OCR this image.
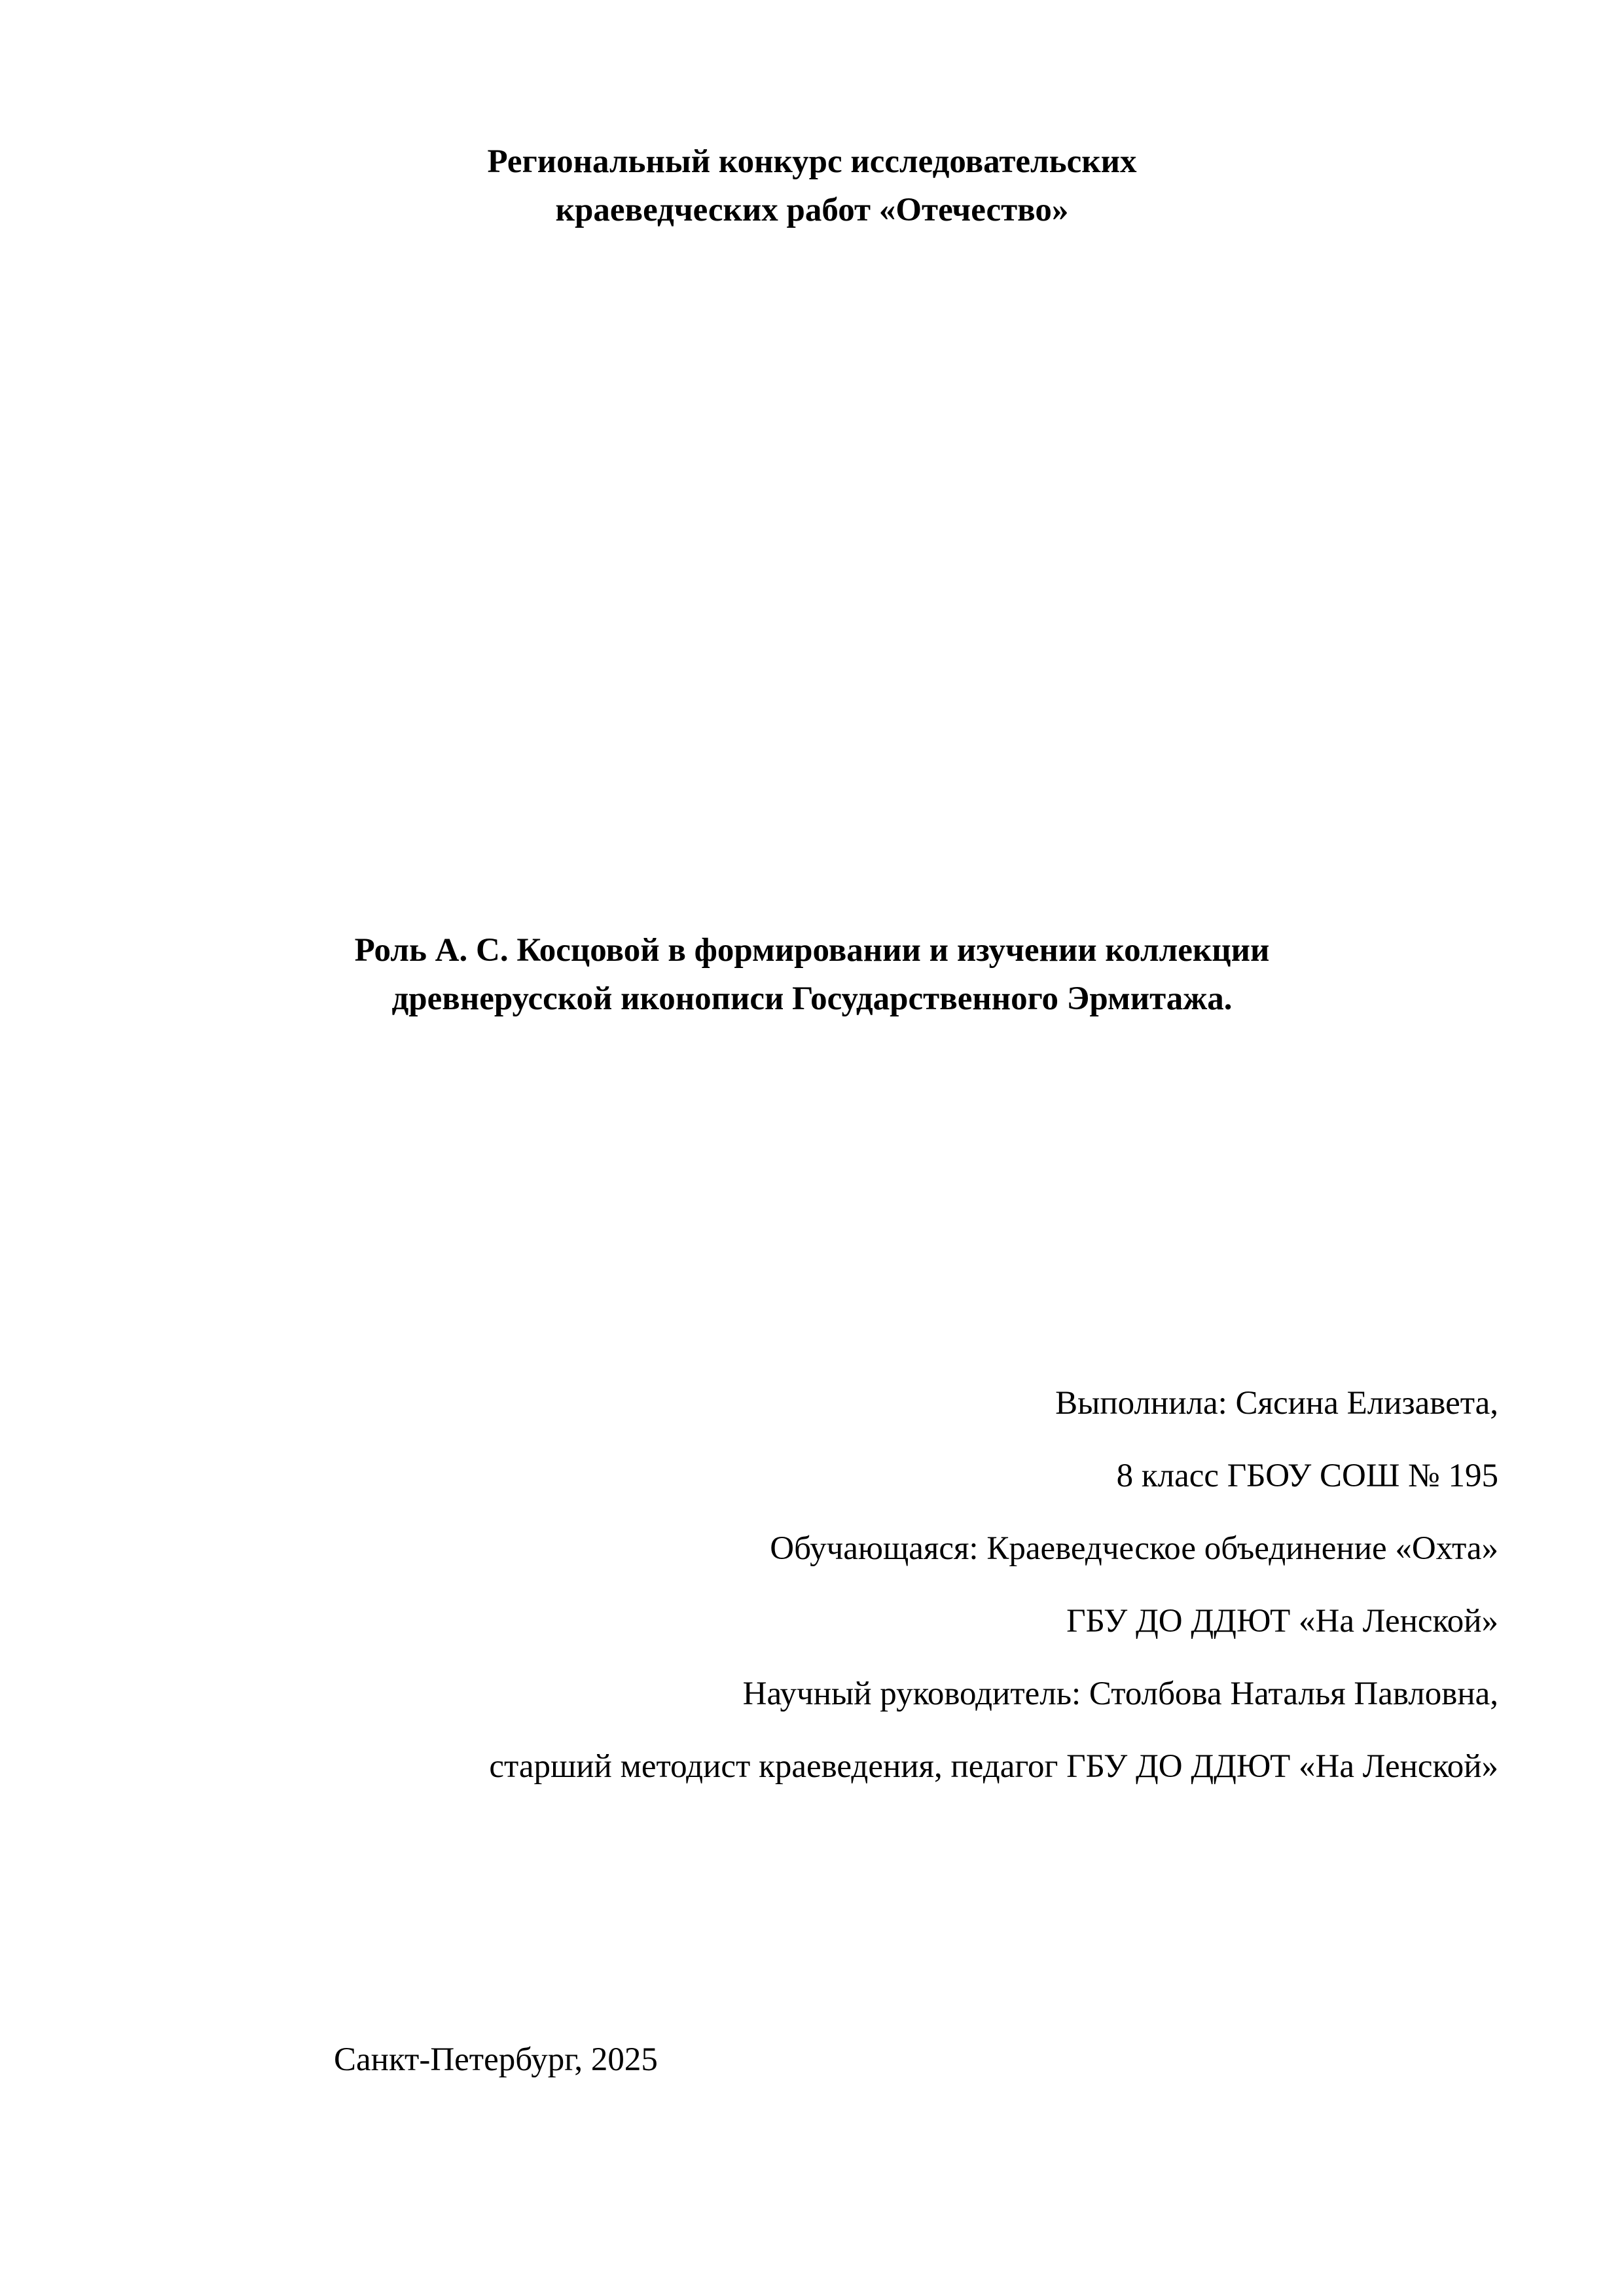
Региональный конкурс исследовательских
краеведческих работ «Отечество»
Роль А. С. Косцовой в формировании и изучении коллекции
древнерусской иконописи Государственного Эрмитажа.
Выполнила: Сясина Елизавета,
8 класс ГБОУ СОШ № 195
Обучающаяся: Краеведческое объединение «Охта»
ГБУ ДО ДДЮТ «На Ленской»
Научный руководитель: Столбова Наталья Павловна,
старший методист краеведения, педагог ГБУ ДО ДДЮТ «На Ленской»
Санкт-Петербург, 2025
